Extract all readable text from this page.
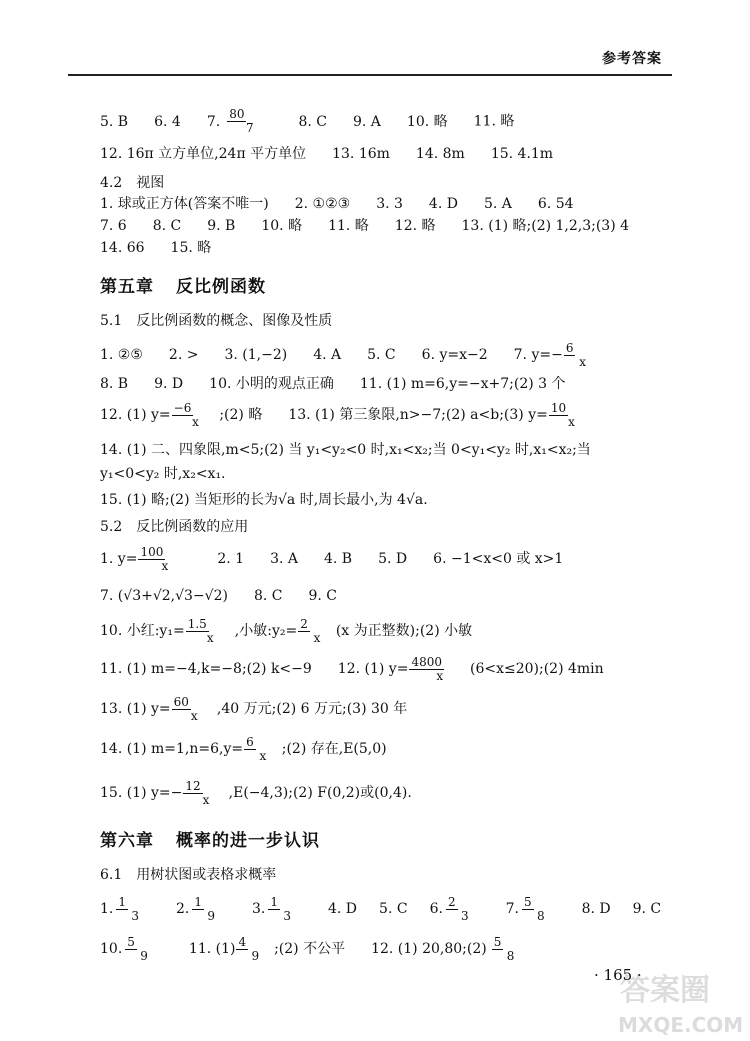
参考答案
5. B 6. 4 7. 80
7	8. C 9. A 10. 略 11. 略
12. 16π 立方单位,24π 平方单位 13. 16m 14. 8m 15. 4.1m
4.2 视图
1. 球或正方体(答案不唯一) 2. ①②③ 3. 3 4. D 5. A 6. 54
7. 6 8. C 9. B 10. 略 11. 略 12. 略 13. (1) 略;(2) 1,2,3;(3) 4
14. 66 15. 略
第五章 反比例函数
5.1 反比例函数的概念、图像及性质
1. ②⑤ 2. > 3. (1,−2) 4. A 5. C 6. y=x−2 7. y=− 6
x
8. B 9. D 10. 小明的观点正确 11. (1) m=6,y=−x+7;(2) 3 个
12. (1) y= −6
x ;(2) 略 13. (1) 第三象限,n>−7;(2) a<b;(3) y= 10
x
14. (1) 二、四象限,m<5;(2) 当 y₁<y₂<0 时,x₁<x₂;当 0<y₁<y₂ 时,x₁<x₂;当
y₁<0<y₂ 时,x₂<x₁.
15. (1) 略;(2) 当矩形的长为√a 时,周长最小,为 4√a.
5.2 反比例函数的应用
1. $y= \frac{100}{x} 2$. 1 3. A 4. B 5. D 6. −1<x<0 或 x>1
7. (√3+√2,√3−√2) 8. C 9. C
10. 小红:y₁= 1.5
x ,小敏:y₂= 2
x (x 为正整数);(2) 小敏
11. (1) m=−4,k=−8;(2) k<−9 12. (1) $y= \frac{4800}{x}$ (6<x≤20);(2) 4min
13. (1) y= 60
x ,40 万元;(2) 6 万元;(3) 30 年
14. (1) m=1,n=6,y= 6
x ;(2) 存在,E(5,0)
15. (1) y=− 12
x ,E(−4,3);(2) F(0,2)或(0,4).
第六章 概率的进一步认识
6.1 用树状图或表格求概率
1. 1
3	2. 1
9	3. 1
3	4. D 5. C 6. 2
3	7. 5
8	8. D 9. C
10. 5
9	11. (1) 4
9 ;(2) 不公平 12. (1) 20,80;(2) 5
8
· 165 ·
答案圈
MXQE.COM
